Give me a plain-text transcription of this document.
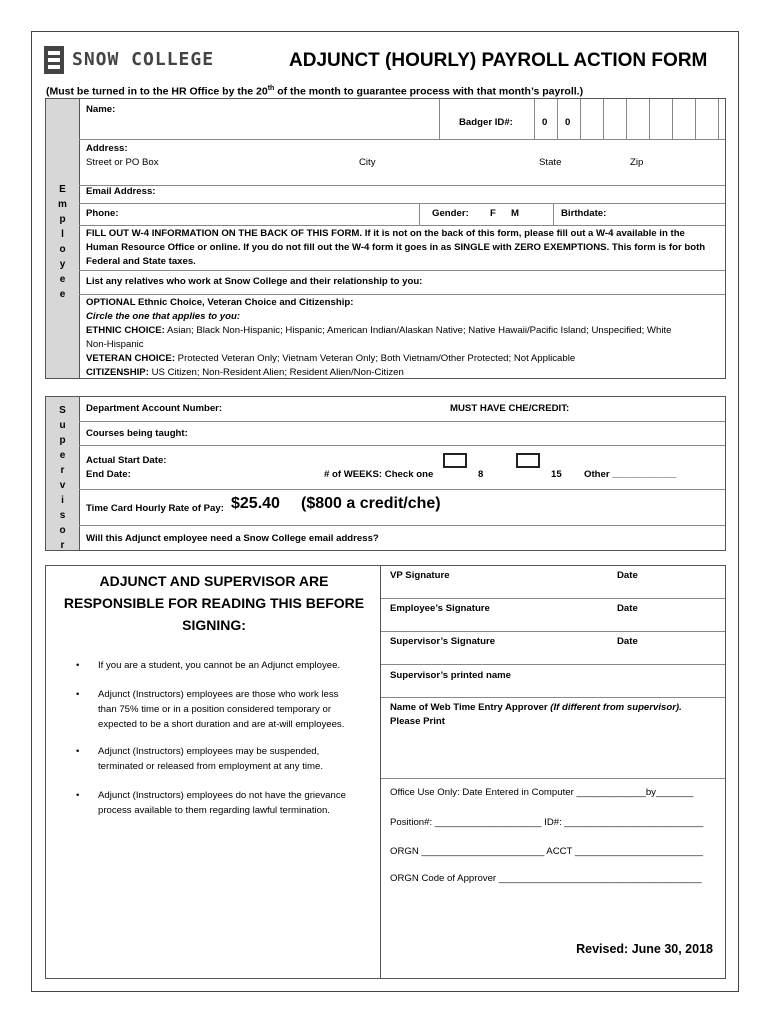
SNOW COLLEGE	ADJUNCT (HOURLY) PAYROLL ACTION FORM
(Must be turned in to the HR Office by the 20th of the month to guarantee process with that month’s payroll.)
E
m
p
l
o
y
e
e
Name:
Badger ID#:	0 0
Address:
Street or PO Box	City	State	Zip
Email Address:
Phone:	Gender: F M	Birthdate:
FILL OUT W-4 INFORMATION ON THE BACK OF THIS FORM. If it is not on the back of this form, please fill out a W-4 available in the
Human Resource Office or online. If you do not fill out the W-4 form it goes in as SINGLE with ZERO EXEMPTIONS. This form is for both
Federal and State taxes.
List any relatives who work at Snow College and their relationship to you:
OPTIONAL Ethnic Choice, Veteran Choice and Citizenship:
Circle the one that applies to you:
ETHNIC CHOICE: Asian; Black Non-Hispanic; Hispanic; American Indian/Alaskan Native; Native Hawaii/Pacific Island; Unspecified; White
Non-Hispanic
VETERAN CHOICE: Protected Veteran Only; Vietnam Veteran Only; Both Vietnam/Other Protected; Not Applicable
CITIZENSHIP: US Citizen; Non-Resident Alien; Resident Alien/Non-Citizen
S
u
p
e
r
v
i
s
o
r
Department Account Number:	MUST HAVE CHE/CREDIT:
Courses being taught:
Actual Start Date:
End Date:	# of WEEKS: Check one	8	15 Other ____________
Time Card Hourly Rate of Pay: $25.40 ($800 a credit/che)
Will this Adjunct employee need a Snow College email address?
ADJUNCT AND SUPERVISOR ARE
RESPONSIBLE FOR READING THIS BEFORE
SIGNING:
• If you are a student, you cannot be an Adjunct employee.
• Adjunct (Instructors) employees are those who work less
than 75% time or in a position considered temporary or
expected to be a short duration and are at-will employees.
• Adjunct (Instructors) employees may be suspended,
terminated or released from employment at any time.
• Adjunct (Instructors) employees do not have the grievance
process available to them regarding lawful termination.
VP Signature	Date
Employee’s Signature	Date
Supervisor’s Signature	Date
Supervisor’s printed name
Name of Web Time Entry Approver (If different from supervisor).
Please Print
Office Use Only: Date Entered in Computer _____________by_______
Position#: ____________________ ID#: __________________________
ORGN _______________________ ACCT ________________________
ORGN Code of Approver ______________________________________
Revised: June 30, 2018
